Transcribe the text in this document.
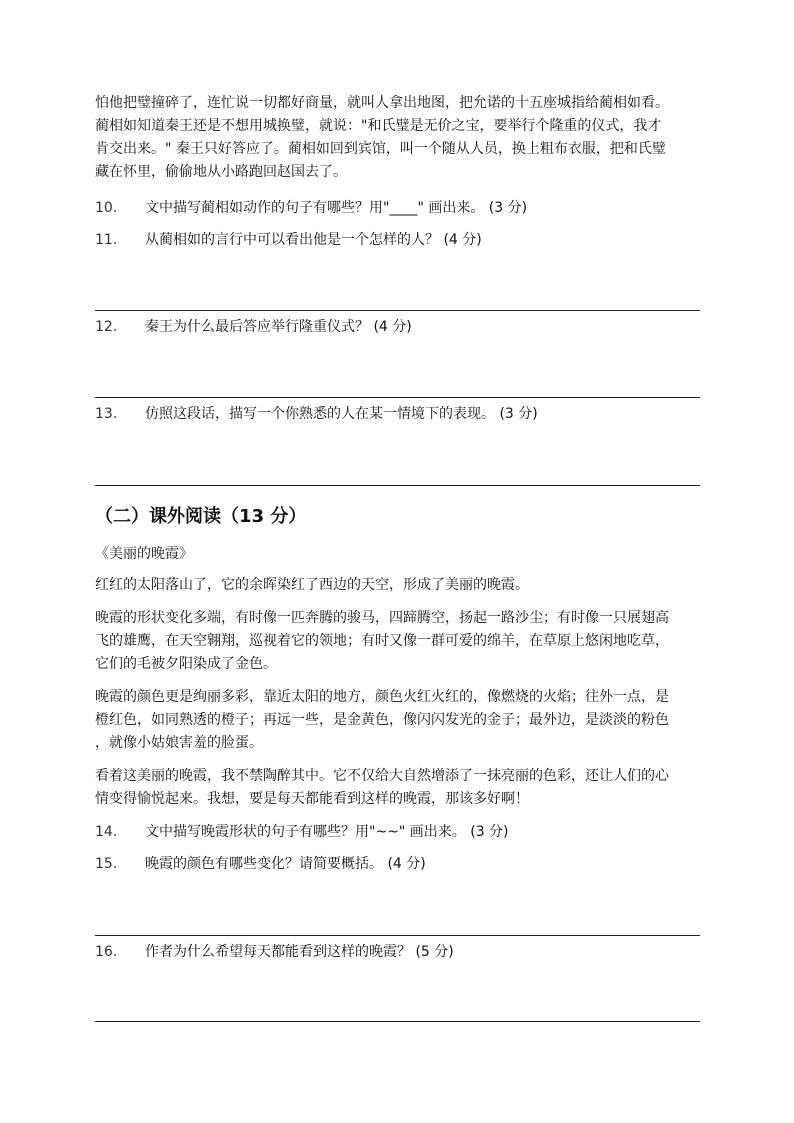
怕他把璧撞碎了，连忙说一切都好商量，就叫人拿出地图，把允诺的十五座城指给蔺相如看。
蔺相如知道秦王还是不想用城换璧，就说："和氏璧是无价之宝，要举行个隆重的仪式，我才
肯交出来。" 秦王只好答应了。蔺相如回到宾馆，叫一个随从人员，换上粗布衣服，把和氏璧
藏在怀里，偷偷地从小路跑回赵国去了。
10. 文中描写蔺相如动作的句子有哪些？用"____" 画出来。 (3 分)
11. 从蔺相如的言行中可以看出他是一个怎样的人？ (4 分)
12. 秦王为什么最后答应举行隆重仪式？ (4 分)
13. 仿照这段话，描写一个你熟悉的人在某一情境下的表现。 (3 分)
（二）课外阅读（13 分）
《美丽的晚霞》
红红的太阳落山了，它的余晖染红了西边的天空，形成了美丽的晚霞。
晚霞的形状变化多端，有时像一匹奔腾的骏马，四蹄腾空，扬起一路沙尘；有时像一只展翅高
飞的雄鹰，在天空翱翔，巡视着它的领地；有时又像一群可爱的绵羊，在草原上悠闲地吃草，
它们的毛被夕阳染成了金色。
晚霞的颜色更是绚丽多彩，靠近太阳的地方，颜色火红火红的，像燃烧的火焰；往外一点，是
橙红色，如同熟透的橙子；再远一些，是金黄色，像闪闪发光的金子；最外边，是淡淡的粉色
，就像小姑娘害羞的脸蛋。
看着这美丽的晚霞，我不禁陶醉其中。它不仅给大自然增添了一抹亮丽的色彩，还让人们的心
情变得愉悦起来。我想，要是每天都能看到这样的晚霞，那该多好啊！
14. 文中描写晚霞形状的句子有哪些？用"~~" 画出来。 (3 分)
15. 晚霞的颜色有哪些变化？请简要概括。 (4 分)
16. 作者为什么希望每天都能看到这样的晚霞？ (5 分)
